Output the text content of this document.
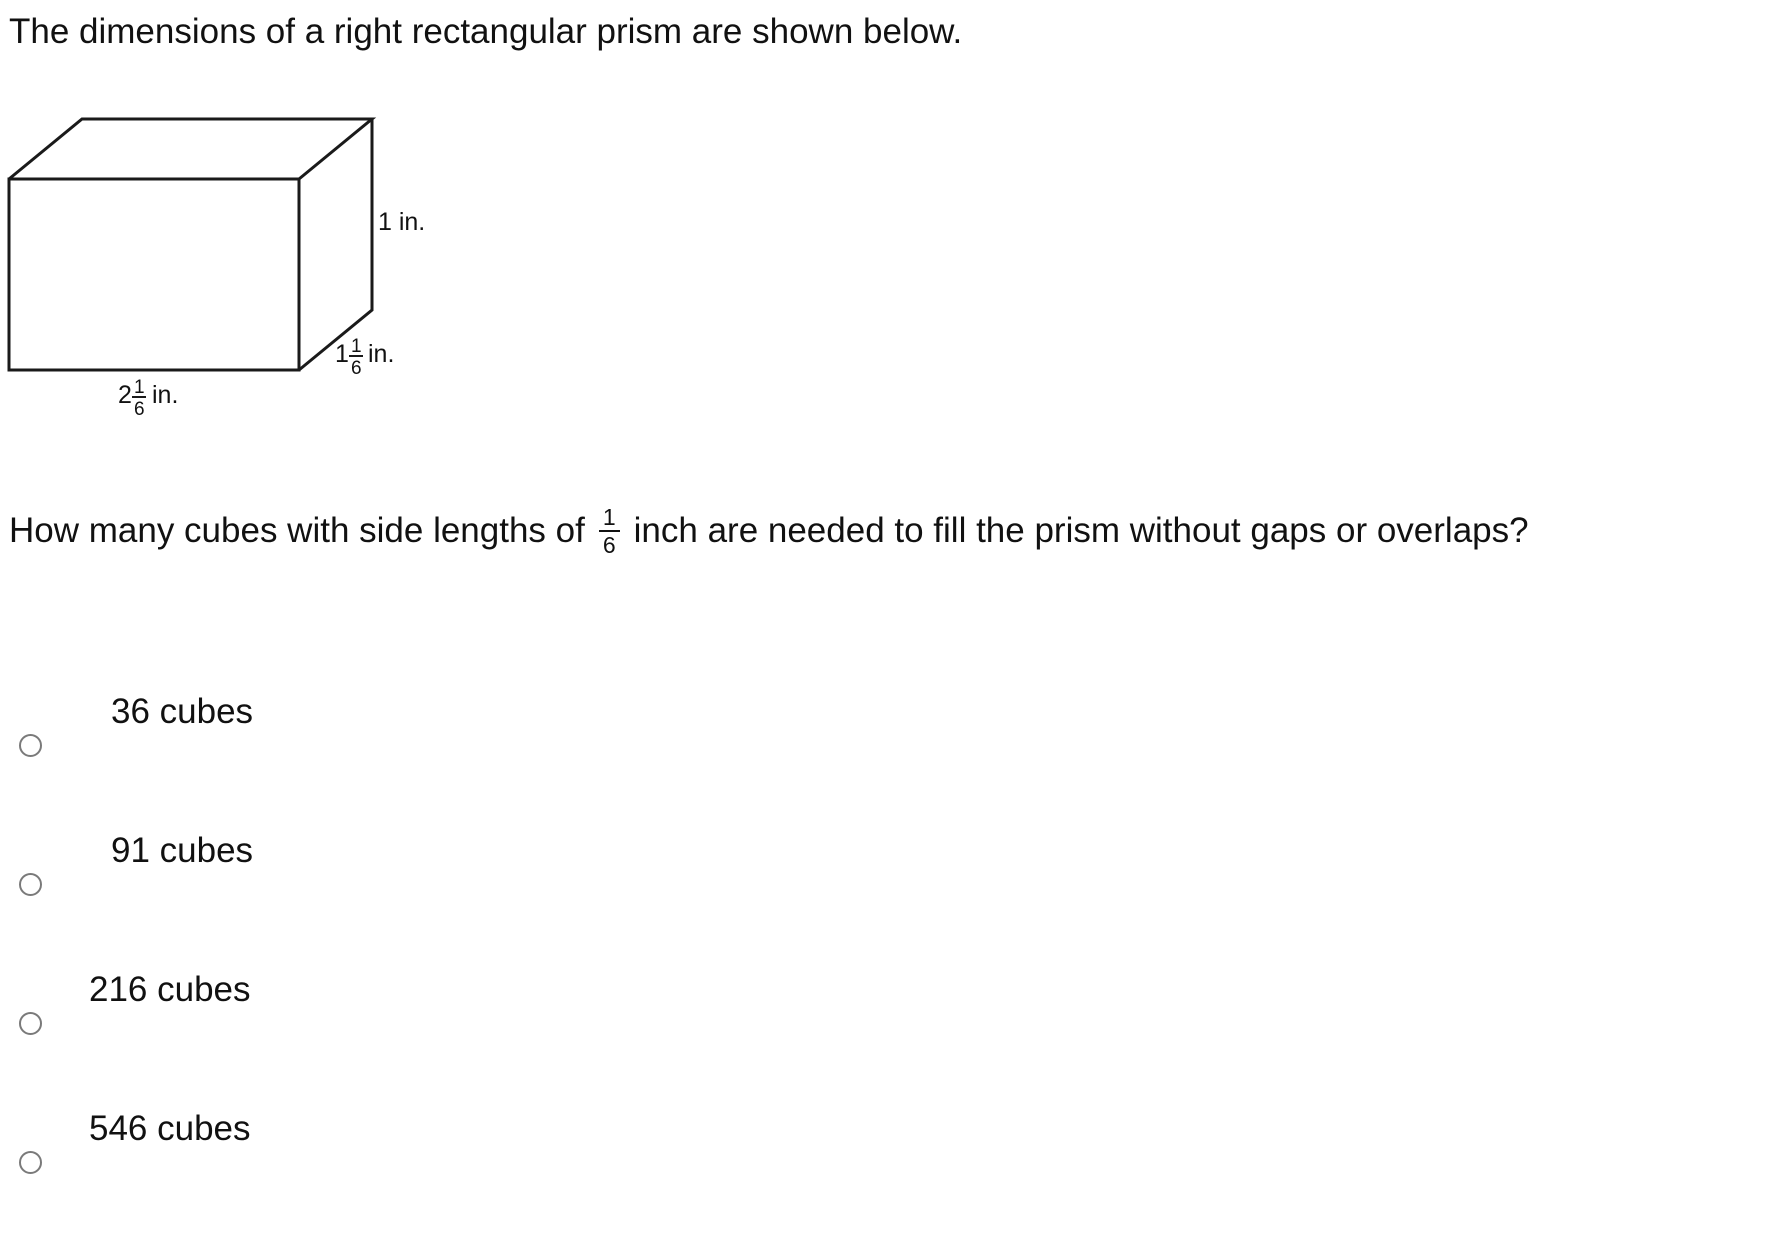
The dimensions of a right rectangular prism are shown below.
1 in.
1 1
6
in.
2 1
6
in.
How many cubes with side lengths of $\frac{1}{6}$ inch are needed to fill the prism without gaps or overlaps?
36 cubes
91 cubes
216 cubes
546 cubes
